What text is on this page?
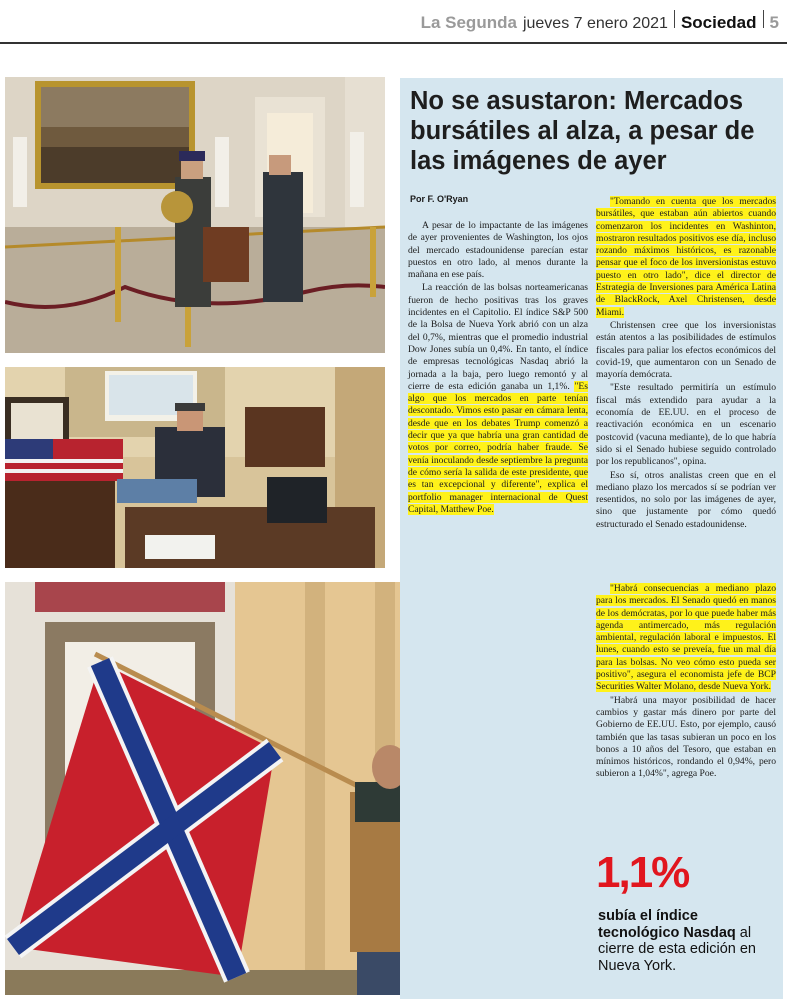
La Segunda jueves 7 enero 2021 Sociedad 5
No se asustaron: Mercados bursátiles al alza, a pesar de las imágenes de ayer
Por F. O'Ryan

A pesar de lo impactante de las imágenes de ayer provenientes de Washington, los ojos del mercado estadounidense parecían estar puestos en otro lado, al menos durante la mañana en ese país.

La reacción de las bolsas norteamericanas fueron de hecho positivas tras los graves incidentes en el Capitolio. El índice S&P 500 de la Bolsa de Nueva York abrió con un alza del 0,7%, mientras que el promedio industrial Dow Jones subía un 0,4%. En tanto, el índice de empresas tecnológicas Nasdaq abrió la jornada a la baja, pero luego remontó y al cierre de esta edición ganaba un 1,1%. "Es algo que los mercados en parte tenían descontado. Vimos esto pasar en cámara lenta, desde que en los debates Trump comenzó a decir que ya que habría una gran cantidad de votos por correo, podría haber fraude. Se venía inoculando desde septiembre la pregunta de cómo sería la salida de este presidente, que es tan excepcional y diferente", explica el portfolio manager internacional de Quest Capital, Matthew Poe.

"Tomando en cuenta que los mercados bursátiles, que estaban aún abiertos cuando comenzaron los incidentes en Washinton, mostraron resultados positivos ese día, incluso rozando máximos históricos, es razonable pensar que el foco de los inversionistas estuvo puesto en otro lado", dice el director de Estrategia de Inversiones para América Latina de BlackRock, Axel Christensen, desde Miami.

Christensen cree que los inversionistas están atentos a las posibilidades de estímulos fiscales para paliar los efectos económicos del covid-19, que aumentaron con un Senado de mayoría demócrata.

"Este resultado permitiría un estímulo fiscal más extendido para ayudar a la economía de EE.UU. en el proceso de reactivación económica en un escenario postcovid (vacuna mediante), de lo que habría sido si el Senado hubiese seguido controlado por los republicanos", opina.

Eso sí, otros analistas creen que en el mediano plazo los mercados sí se podrían ver resentidos, no solo por las imágenes de ayer, sino que justamente por cómo quedó estructurado el Senado estadounidense.

"Habrá consecuencias a mediano plazo para los mercados. El Senado quedó en manos de los demócratas, por lo que puede haber más agenda antimercado, más regulación ambiental, regulación laboral e impuestos. El lunes, cuando esto se preveía, fue un mal día para las bolsas. No veo cómo esto pueda ser positivo", asegura el economista jefe de BCP Securities Walter Molano, desde Nueva York.

"Habrá una mayor posibilidad de hacer cambios y gastar más dinero por parte del Gobierno de EE.UU. Esto, por ejemplo, causó también que las tasas subieran un poco en los bonos a 10 años del Tesoro, que estaban en mínimos históricos, rondando el 0,94%, pero subieron a 1,04%", agrega Poe.

1,1%
subía el índice tecnológico Nasdaq al cierre de esta edición en Nueva York.
